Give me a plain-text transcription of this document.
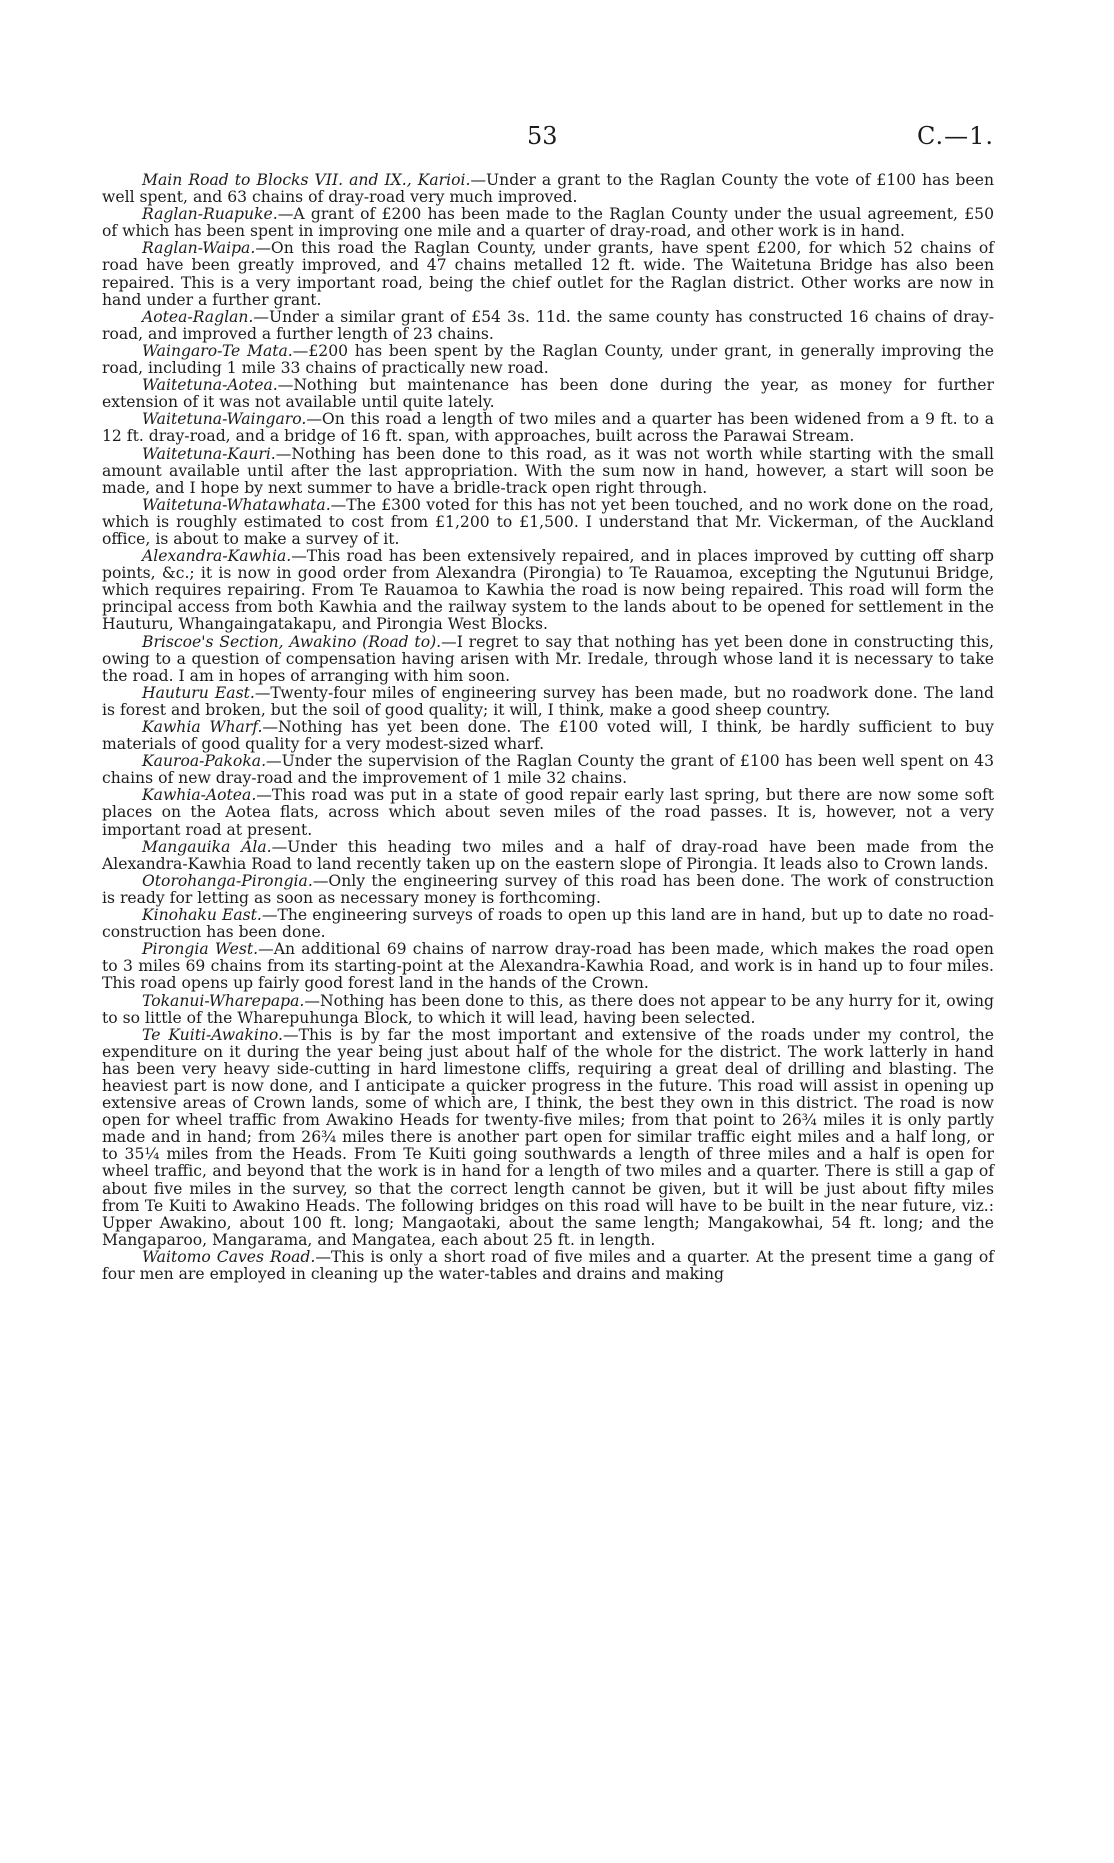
53	C.—1.

Main Road to Blocks VII. and IX., Karioi.—Under a grant to the Raglan County the vote of £100 has been well spent, and 63 chains of dray-road very much improved.

Raglan-Ruapuke.—A grant of £200 has been made to the Raglan County under the usual agreement, £50 of which has been spent in improving one mile and a quarter of dray-road, and other work is in hand.

Raglan-Waipa.—On this road the Raglan County, under grants, have spent £200, for which 52 chains of road have been greatly improved, and 47 chains metalled 12 ft. wide. The Waitetuna Bridge has also been repaired. This is a very important road, being the chief outlet for the Raglan district. Other works are now in hand under a further grant.

Aotea-Raglan.—Under a similar grant of £54 3s. 11d. the same county has constructed 16 chains of dray-road, and improved a further length of 23 chains.

Waingaro-Te Mata.—£200 has been spent by the Raglan County, under grant, in generally improving the road, including 1 mile 33 chains of practically new road.

Waitetuna-Aotea.—Nothing but maintenance has been done during the year, as money for further extension of it was not available until quite lately.

Waitetuna-Waingaro.—On this road a length of two miles and a quarter has been widened from a 9 ft. to a 12 ft. dray-road, and a bridge of 16 ft. span, with approaches, built across the Parawai Stream.

Waitetuna-Kauri.—Nothing has been done to this road, as it was not worth while starting with the small amount available until after the last appropriation. With the sum now in hand, however, a start will soon be made, and I hope by next summer to have a bridle-track open right through.

Waitetuna-Whatawhata.—The £300 voted for this has not yet been touched, and no work done on the road, which is roughly estimated to cost from £1,200 to £1,500. I understand that Mr. Vickerman, of the Auckland office, is about to make a survey of it.

Alexandra-Kawhia.—This road has been extensively repaired, and in places improved by cutting off sharp points, &c.; it is now in good order from Alexandra (Pirongia) to Te Rauamoa, excepting the Ngutunui Bridge, which requires repairing. From Te Rauamoa to Kawhia the road is now being repaired. This road will form the principal access from both Kawhia and the railway system to the lands about to be opened for settlement in the Hauturu, Whangaingatakapu, and Pirongia West Blocks.

Briscoe's Section, Awakino (Road to).—I regret to say that nothing has yet been done in constructing this, owing to a question of compensation having arisen with Mr. Iredale, through whose land it is necessary to take the road. I am in hopes of arranging with him soon.

Hauturu East.—Twenty-four miles of engineering survey has been made, but no roadwork done. The land is forest and broken, but the soil of good quality; it will, I think, make a good sheep country.

Kawhia Wharf.—Nothing has yet been done. The £100 voted will, I think, be hardly sufficient to buy materials of good quality for a very modest-sized wharf.

Kauroa-Pakoka.—Under the supervision of the Raglan County the grant of £100 has been well spent on 43 chains of new dray-road and the improvement of 1 mile 32 chains.

Kawhia-Aotea.—This road was put in a state of good repair early last spring, but there are now some soft places on the Aotea flats, across which about seven miles of the road passes. It is, however, not a very important road at present.

Mangauika Ala.—Under this heading two miles and a half of dray-road have been made from the Alexandra-Kawhia Road to land recently taken up on the eastern slope of Pirongia. It leads also to Crown lands.

Otorohanga-Pirongia.—Only the engineering survey of this road has been done. The work of construction is ready for letting as soon as necessary money is forthcoming.

Kinohaku East.—The engineering surveys of roads to open up this land are in hand, but up to date no road-construction has been done.

Pirongia West.—An additional 69 chains of narrow dray-road has been made, which makes the road open to 3 miles 69 chains from its starting-point at the Alexandra-Kawhia Road, and work is in hand up to four miles. This road opens up fairly good forest land in the hands of the Crown.

Tokanui-Wharepapa.—Nothing has been done to this, as there does not appear to be any hurry for it, owing to so little of the Wharepuhunga Block, to which it will lead, having been selected.

Te Kuiti-Awakino.—This is by far the most important and extensive of the roads under my control, the expenditure on it during the year being just about half of the whole for the district. The work latterly in hand has been very heavy side-cutting in hard limestone cliffs, requiring a great deal of drilling and blasting. The heaviest part is now done, and I anticipate a quicker progress in the future. This road will assist in opening up extensive areas of Crown lands, some of which are, I think, the best they own in this district. The road is now open for wheel traffic from Awakino Heads for twenty-five miles; from that point to 26¾ miles it is only partly made and in hand; from 26¾ miles there is another part open for similar traffic eight miles and a half long, or to 35¼ miles from the Heads. From Te Kuiti going southwards a length of three miles and a half is open for wheel traffic, and beyond that the work is in hand for a length of two miles and a quarter. There is still a gap of about five miles in the survey, so that the correct length cannot be given, but it will be just about fifty miles from Te Kuiti to Awakino Heads. The following bridges on this road will have to be built in the near future, viz.: Upper Awakino, about 100 ft. long; Mangaotaki, about the same length; Mangakowhai, 54 ft. long; and the Mangaparoo, Mangarama, and Mangatea, each about 25 ft. in length.

Waitomo Caves Road.—This is only a short road of five miles and a quarter. At the present time a gang of four men are employed in cleaning up the water-tables and drains and making
